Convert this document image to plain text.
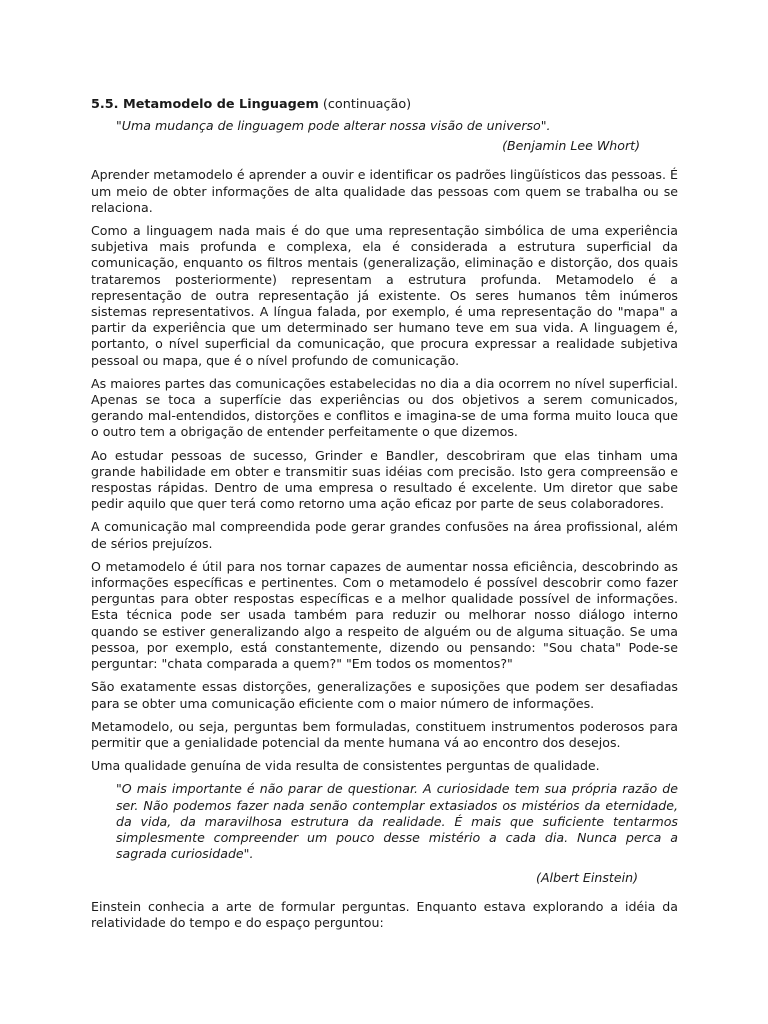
5.5. Metamodelo de Linguagem (continuação)
"Uma mudança de linguagem pode alterar nossa visão de universo".
(Benjamin Lee Whort)

Aprender metamodelo é aprender a ouvir e identificar os padrões lingüísticos das pessoas. É um meio de obter informações de alta qualidade das pessoas com quem se trabalha ou se relaciona.

Como a linguagem nada mais é do que uma representação simbólica de uma experiência subjetiva mais profunda e complexa, ela é considerada a estrutura superficial da comunicação, enquanto os filtros mentais (generalização, eliminação e distorção, dos quais trataremos posteriormente) representam a estrutura profunda. Metamodelo é a representação de outra representação já existente. Os seres humanos têm inúmeros sistemas representativos. A língua falada, por exemplo, é uma representação do "mapa" a partir da experiência que um determinado ser humano teve em sua vida. A linguagem é, portanto, o nível superficial da comunicação, que procura expressar a realidade subjetiva pessoal ou mapa, que é o nível profundo de comunicação.

As maiores partes das comunicações estabelecidas no dia a dia ocorrem no nível superficial. Apenas se toca a superfície das experiências ou dos objetivos a serem comunicados, gerando mal-entendidos, distorções e conflitos e imagina-se de uma forma muito louca que o outro tem a obrigação de entender perfeitamente o que dizemos.

Ao estudar pessoas de sucesso, Grinder e Bandler, descobriram que elas tinham uma grande habilidade em obter e transmitir suas idéias com precisão. Isto gera compreensão e respostas rápidas. Dentro de uma empresa o resultado é excelente. Um diretor que sabe pedir aquilo que quer terá como retorno uma ação eficaz por parte de seus colaboradores.

A comunicação mal compreendida pode gerar grandes confusões na área profissional, além de sérios prejuízos.

O metamodelo é útil para nos tornar capazes de aumentar nossa eficiência, descobrindo as informações específicas e pertinentes. Com o metamodelo é possível descobrir como fazer perguntas para obter respostas específicas e a melhor qualidade possível de informações. Esta técnica pode ser usada também para reduzir ou melhorar nosso diálogo interno quando se estiver generalizando algo a respeito de alguém ou de alguma situação. Se uma pessoa, por exemplo, está constantemente, dizendo ou pensando: "Sou chata" Pode-se perguntar: "chata comparada a quem?" "Em todos os momentos?"

São exatamente essas distorções, generalizações e suposições que podem ser desafiadas para se obter uma comunicação eficiente com o maior número de informações.

Metamodelo, ou seja, perguntas bem formuladas, constituem instrumentos poderosos para permitir que a genialidade potencial da mente humana vá ao encontro dos desejos.

Uma qualidade genuína de vida resulta de consistentes perguntas de qualidade.

"O mais importante é não parar de questionar. A curiosidade tem sua própria razão de ser. Não podemos fazer nada senão contemplar extasiados os mistérios da eternidade, da vida, da maravilhosa estrutura da realidade. É mais que suficiente tentarmos simplesmente compreender um pouco desse mistério a cada dia. Nunca perca a sagrada curiosidade".
(Albert Einstein)

Einstein conhecia a arte de formular perguntas. Enquanto estava explorando a idéia da relatividade do tempo e do espaço perguntou:
